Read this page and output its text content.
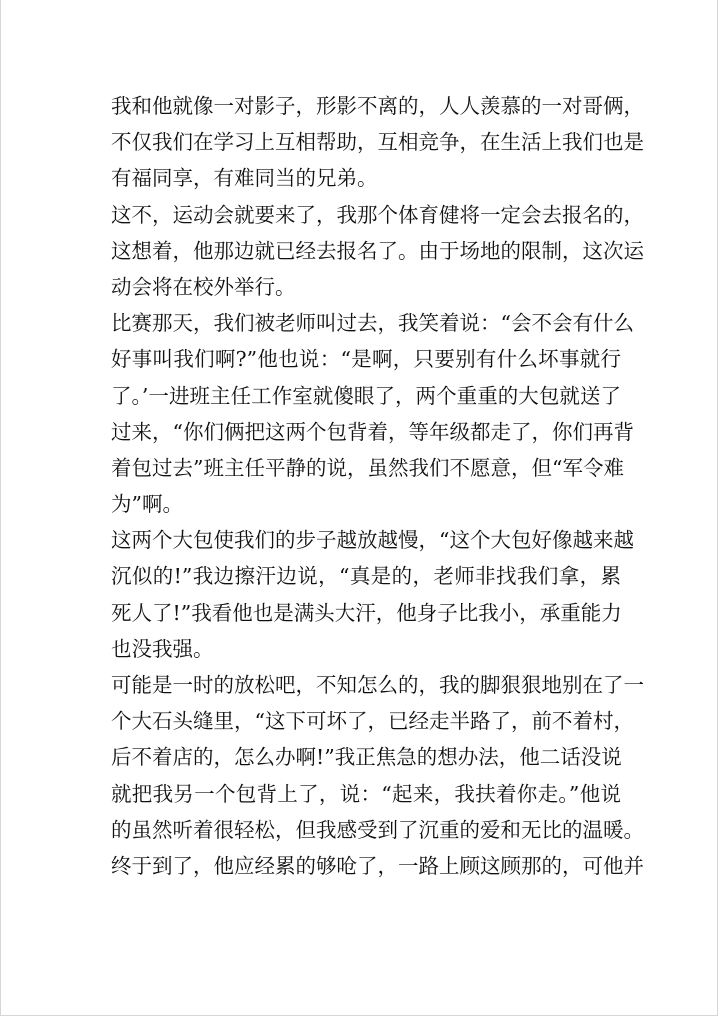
我和他就像一对影子，形影不离的，人人羡慕的一对哥俩，
不仅我们在学习上互相帮助，互相竞争，在生活上我们也是
有福同享，有难同当的兄弟。
这不，运动会就要来了，我那个体育健将一定会去报名的，
这想着，他那边就已经去报名了。由于场地的限制，这次运
动会将在校外举行。
比赛那天，我们被老师叫过去，我笑着说：“会不会有什么
好事叫我们啊?”他也说：“是啊，只要别有什么坏事就行
了。’一进班主任工作室就傻眼了，两个重重的大包就送了
过来，“你们俩把这两个包背着，等年级都走了，你们再背
着包过去”班主任平静的说，虽然我们不愿意，但“军令难
为”啊。
这两个大包使我们的步子越放越慢，“这个大包好像越来越
沉似的!”我边擦汗边说，“真是的，老师非找我们拿，累
死人了!”我看他也是满头大汗，他身子比我小，承重能力
也没我强。
可能是一时的放松吧，不知怎么的，我的脚狠狠地别在了一
个大石头缝里，“这下可坏了，已经走半路了，前不着村，
后不着店的，怎么办啊!”我正焦急的想办法，他二话没说
就把我另一个包背上了，说：“起来，我扶着你走。”他说
的虽然听着很轻松，但我感受到了沉重的爱和无比的温暖。
终于到了，他应经累的够呛了，一路上顾这顾那的，可他并
